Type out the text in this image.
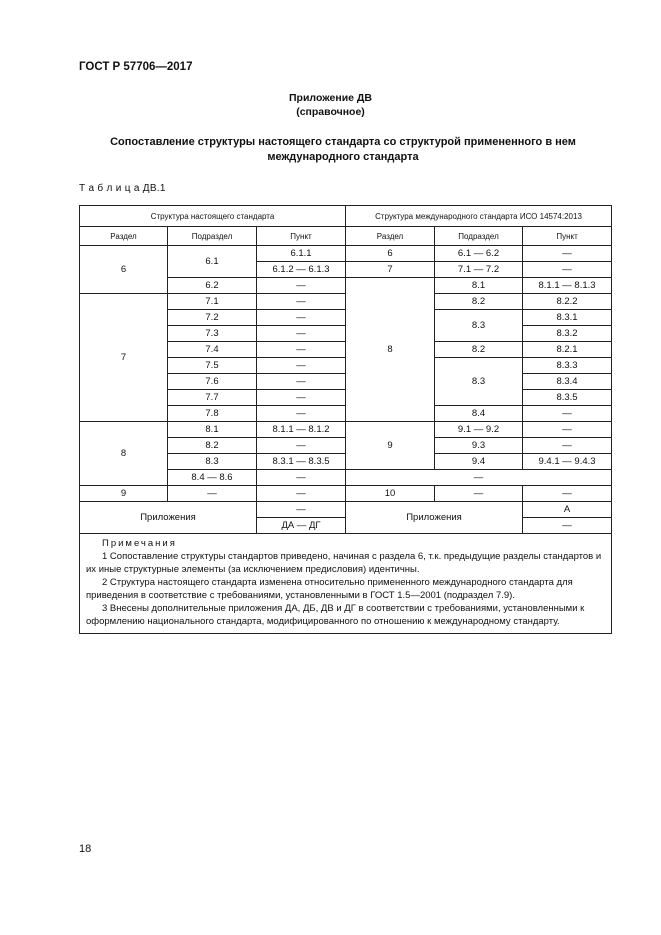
ГОСТ Р 57706—2017
Приложение ДВ
(справочное)
Сопоставление структуры настоящего стандарта со структурой примененного в нем международного стандарта
Т а б л и ц а ДВ.1
Структура настоящего стандарта			Структура международного стандарта ИСО 14574:2013		
Раздел	Подраздел	Пункт	Раздел	Подраздел	Пункт
6	6.1	6.1.1	6	6.1 — 6.2	—
		6.1.2 — 6.1.3	7	7.1 — 7.2	—
	6.2	—	8	8.1	8.1.1 — 8.1.3
7	7.1	—		8.2	8.2.2
	7.2	—		8.3	8.3.1
	7.3	—			8.3.2
	7.4	—		8.2	8.2.1
	7.5	—		8.3	8.3.3
	7.6	—			8.3.4
	7.7	—			8.3.5
	7.8	—		8.4	—
8	8.1	8.1.1 — 8.1.2	9	9.1 — 9.2	—
	8.2	—		9.3	—
	8.3	8.3.1 — 8.3.5		9.4	9.4.1 — 9.4.3
	8.4 — 8.6	—	—		
9	—	—	10	—	—
Приложения		—	Приложения		А
		ДА — ДГ			—

Примечания

1 Сопоставление структуры стандартов приведено, начиная с раздела 6, т.к. предыдущие разделы стандартов и их иные структурные элементы (за исключением предисловия) идентичны.

2 Структура настоящего стандарта изменена относительно примененного международного стандарта для приведения в соответствие с требованиями, установленными в ГОСТ 1.5—2001 (подраздел 7.9).

3 Внесены дополнительные приложения ДА, ДБ, ДВ и ДГ в соответствии с требованиями, установленными к оформлению национального стандарта, модифицированного по отношению к международному стандарту.					

18
